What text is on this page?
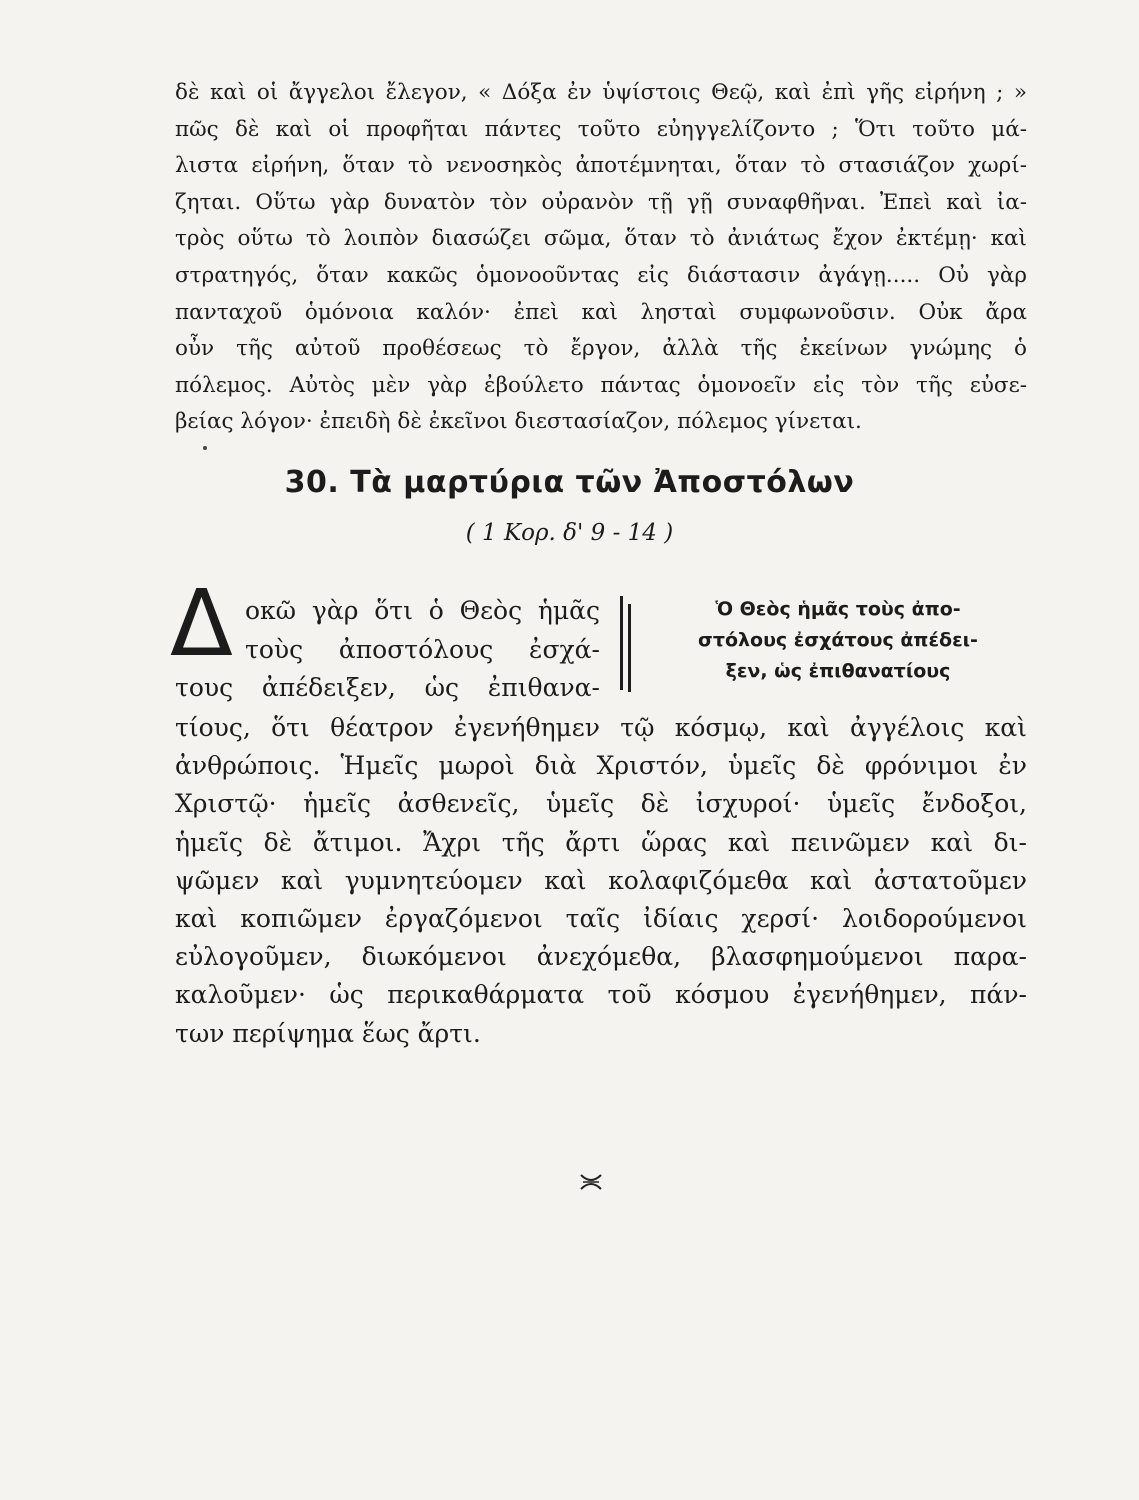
δὲ καὶ οἱ ἄγγελοι ἔλεγον, « Δόξα ἐν ὑψίστοις Θεῷ, καὶ ἐπὶ γῆς εἰρήνη ; »
πῶς δὲ καὶ οἱ προφῆται πάντες τοῦτο εὐηγγελίζοντο ; Ὅτι τοῦτο μά-
λιστα εἰρήνη, ὅταν τὸ νενοσηκὸς ἀποτέμνηται, ὅταν τὸ στασιάζον χωρί-
ζηται. Οὕτω γὰρ δυνατὸν τὸν οὐρανὸν τῇ γῇ συναφθῆναι. Ἐπεὶ καὶ ἰα-
τρὸς οὕτω τὸ λοιπὸν διασώζει σῶμα, ὅταν τὸ ἀνιάτως ἔχον ἐκτέμῃ· καὶ
στρατηγός, ὅταν κακῶς ὁμονοοῦντας εἰς διάστασιν ἀγάγῃ..... Οὐ γὰρ
πανταχοῦ ὁμόνοια καλόν· ἐπεὶ καὶ λησταὶ συμφωνοῦσιν. Οὐκ ἄρα
οὖν τῆς αὐτοῦ προθέσεως τὸ ἔργον, ἀλλὰ τῆς ἐκείνων γνώμης ὁ
πόλεμος. Αὐτὸς μὲν γὰρ ἐβούλετο πάντας ὁμονοεῖν εἰς τὸν τῆς εὐσε-
βείας λόγον· ἐπειδὴ δὲ ἐκεῖνοι διεστασίαζον, πόλεμος γίνεται.
30. Τὰ μαρτύρια τῶν Ἀποστόλων
( 1 Κορ. δ' 9 - 14 )
Δ οκῶ γὰρ ὅτι ὁ Θεὸς ἡμᾶς
τοὺς ἀποστόλους ἐσχά-
τους ἀπέδειξεν, ὡς ἐπιθανα-
Ὁ Θεὸς ἡμᾶς τοὺς ἀπο-
στόλους ἐσχάτους ἀπέδει-
ξεν, ὡς ἐπιθανατίους
τίους, ὅτι θέατρον ἐγενήθημεν τῷ κόσμῳ, καὶ ἀγγέλοις καὶ
ἀνθρώποις. Ἡμεῖς μωροὶ διὰ Χριστόν, ὑμεῖς δὲ φρόνιμοι ἐν
Χριστῷ· ἡμεῖς ἀσθενεῖς, ὑμεῖς δὲ ἰσχυροί· ὑμεῖς ἔνδοξοι,
ἡμεῖς δὲ ἄτιμοι. Ἄχρι τῆς ἄρτι ὥρας καὶ πεινῶμεν καὶ δι-
ψῶμεν καὶ γυμνητεύομεν καὶ κολαφιζόμεθα καὶ ἀστατοῦμεν
καὶ κοπιῶμεν ἐργαζόμενοι ταῖς ἰδίαις χερσί· λοιδορούμενοι
εὐλογοῦμεν, διωκόμενοι ἀνεχόμεθα, βλασφημούμενοι παρα-
καλοῦμεν· ὡς περικαθάρματα τοῦ κόσμου ἐγενήθημεν, πάν-
των περίψημα ἕως ἄρτι.
